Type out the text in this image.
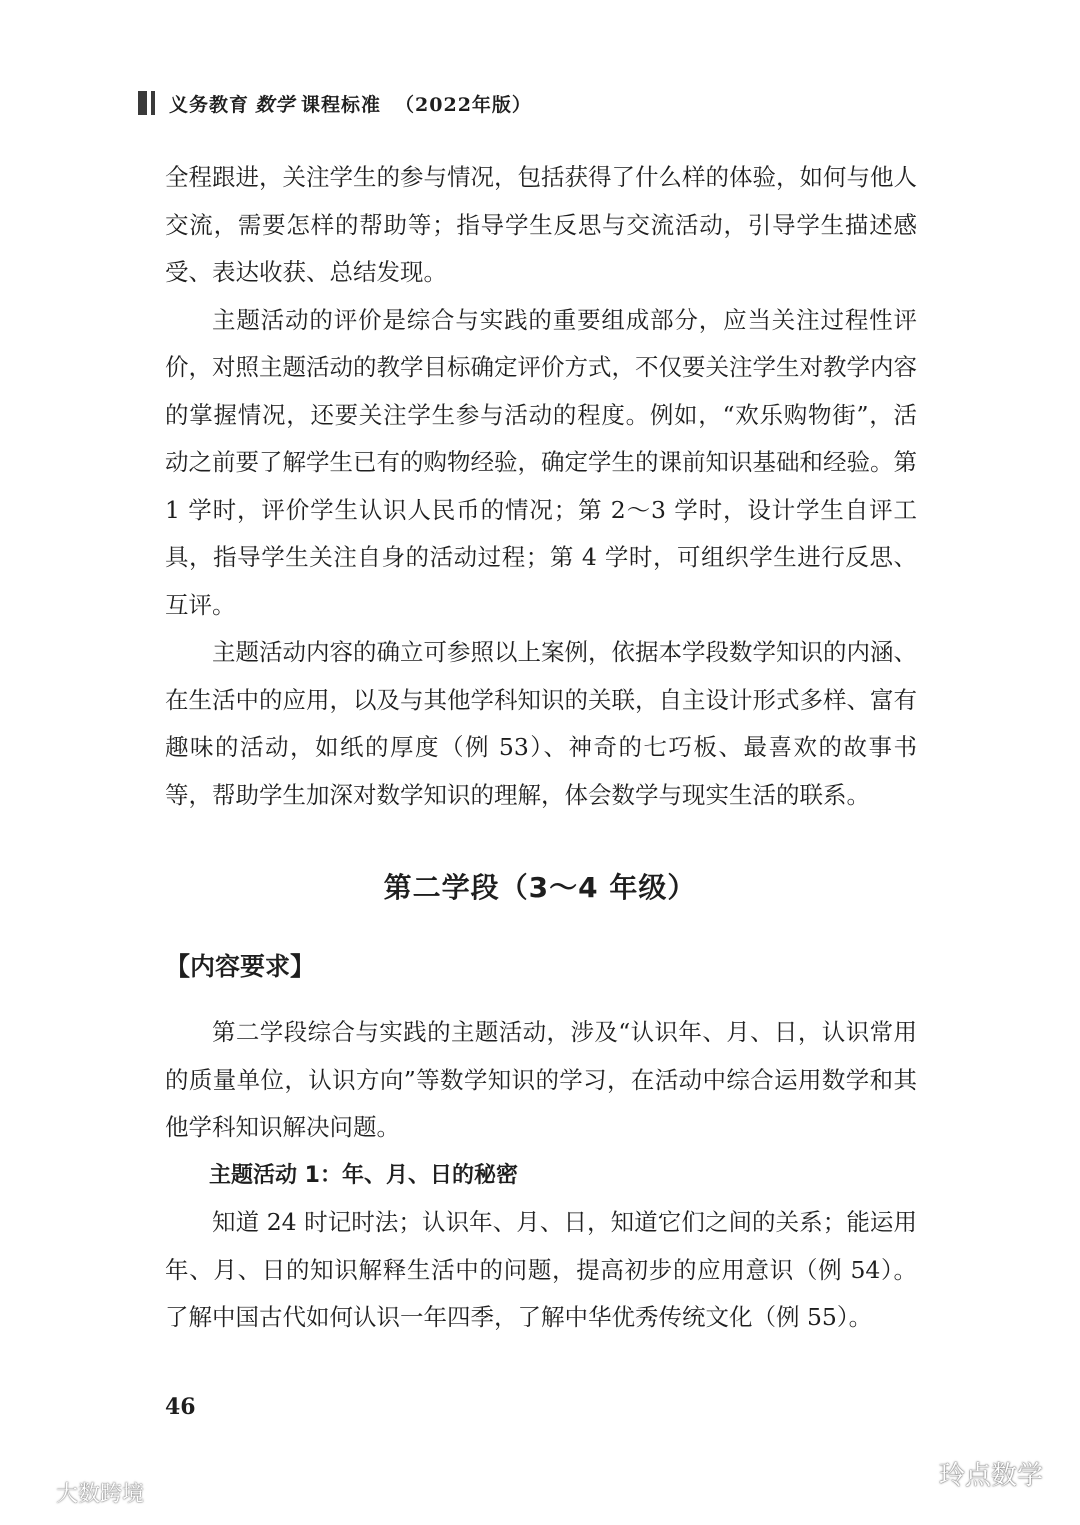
义务教育 数学 课程标准 （2022年版）

全程跟进，关注学生的参与情况，包括获得了什么样的体验，如何与他人交流，需要怎样的帮助等；指导学生反思与交流活动，引导学生描述感受、表达收获、总结发现。

主题活动的评价是综合与实践的重要组成部分，应当关注过程性评价，对照主题活动的教学目标确定评价方式，不仅要关注学生对教学内容的掌握情况，还要关注学生参与活动的程度。例如，“欢乐购物街”，活动之前要了解学生已有的购物经验，确定学生的课前知识基础和经验。第 1 学时，评价学生认识人民币的情况；第 2～3 学时，设计学生自评工具，指导学生关注自身的活动过程；第 4 学时，可组织学生进行反思、互评。

主题活动内容的确立可参照以上案例，依据本学段数学知识的内涵、在生活中的应用，以及与其他学科知识的关联，自主设计形式多样、富有趣味的活动，如纸的厚度（例 53）、神奇的七巧板、最喜欢的故事书等，帮助学生加深对数学知识的理解，体会数学与现实生活的联系。

第二学段（3～4 年级）
【内容要求】

第二学段综合与实践的主题活动，涉及“认识年、月、日，认识常用的质量单位，认识方向”等数学知识的学习，在活动中综合运用数学和其他学科知识解决问题。

主题活动 1：年、月、日的秘密

知道 24 时记时法；认识年、月、日，知道它们之间的关系；能运用年、月、日的知识解释生活中的问题，提高初步的应用意识（例 54）。了解中国古代如何认识一年四季，了解中华优秀传统文化（例 55）。

46
大数跨境
玲点数学
